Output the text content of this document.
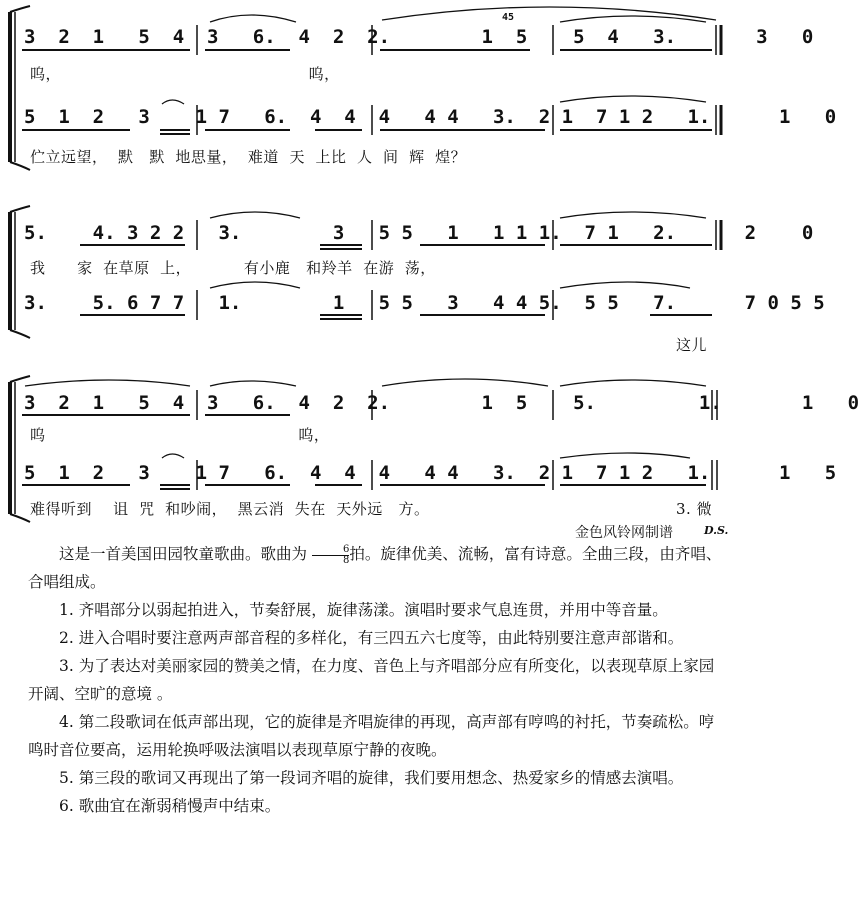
3  2  1   5  4  3   6.  4  2  2.        1  5    5  4   3.       3   0
45
呜，                                               呜，
5  1  2   3    1 7   6.  4  4  4   4 4   3.  2 1  7 1 2   1.      1   0
伫立远望，  默   默  地思量，  难道  天  上比  人  间  辉  煌？
5.    4. 3 2 2   3.        3   5 5   1   1 1 1.  7 1   2.      2    0
我      家  在草原  上，          有小鹿   和羚羊  在游  荡，
3.    5. 6 7 7   1.        1   5 5   3   4 4 5.  5 5   7.      7 0 5 5
这儿
3  2  1   5  4  3   6.  4  2  2.        1  5    5.         1.       1   0
呜                                                呜，
5  1  2   3    1 7   6.  4  4  4   4 4   3.  2 1  7 1 2   1.      1   5
难得听到    诅  咒  和吵闹，  黑云消  失在  天外远   方。	3. 微
金色风铃网制谱	D.S.

这是一首美国田园牧童歌曲。歌曲为 $\frac{6}{8}$ 拍。旋律优美、流畅，富有诗意。全曲三段，由齐唱、合唱组成。

1. 齐唱部分以弱起拍进入，节奏舒展，旋律荡漾。演唱时要求气息连贯，并用中等音量。

2. 进入合唱时要注意两声部音程的多样化，有三四五六七度等，由此特别要注意声部谐和。

3. 为了表达对美丽家园的赞美之情，在力度、音色上与齐唱部分应有所变化，以表现草原上家园开阔、空旷的意境 。

4. 第二段歌词在低声部出现，它的旋律是齐唱旋律的再现，高声部有哼鸣的衬托，节奏疏松。哼鸣时音位要高，运用轮换呼吸法演唱以表现草原宁静的夜晚。

5. 第三段的歌词又再现出了第一段词齐唱的旋律，我们要用想念、热爱家乡的情感去演唱。

6. 歌曲宜在渐弱稍慢声中结束。
